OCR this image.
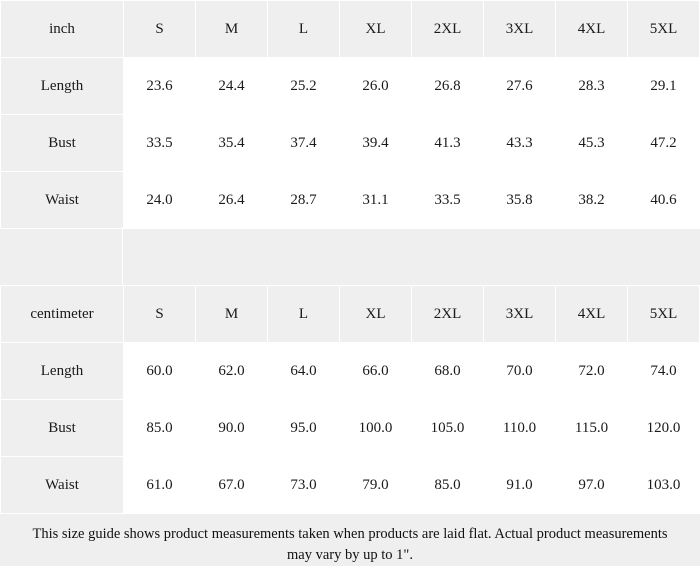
inch	S	M	L	XL	2XL	3XL	4XL	5XL
Length	23.6	24.4	25.2	26.0	26.8	27.6	28.3	29.1
Bust	33.5	35.4	37.4	39.4	41.3	43.3	45.3	47.2
Waist	24.0	26.4	28.7	31.1	33.5	35.8	38.2	40.6
centimeter	S	M	L	XL	2XL	3XL	4XL	5XL
Length	60.0	62.0	64.0	66.0	68.0	70.0	72.0	74.0
Bust	85.0	90.0	95.0	100.0	105.0	110.0	115.0	120.0
Waist	61.0	67.0	73.0	79.0	85.0	91.0	97.0	103.0
This size guide shows product measurements taken when products are laid flat. Actual product measurements may vary by up to 1".
